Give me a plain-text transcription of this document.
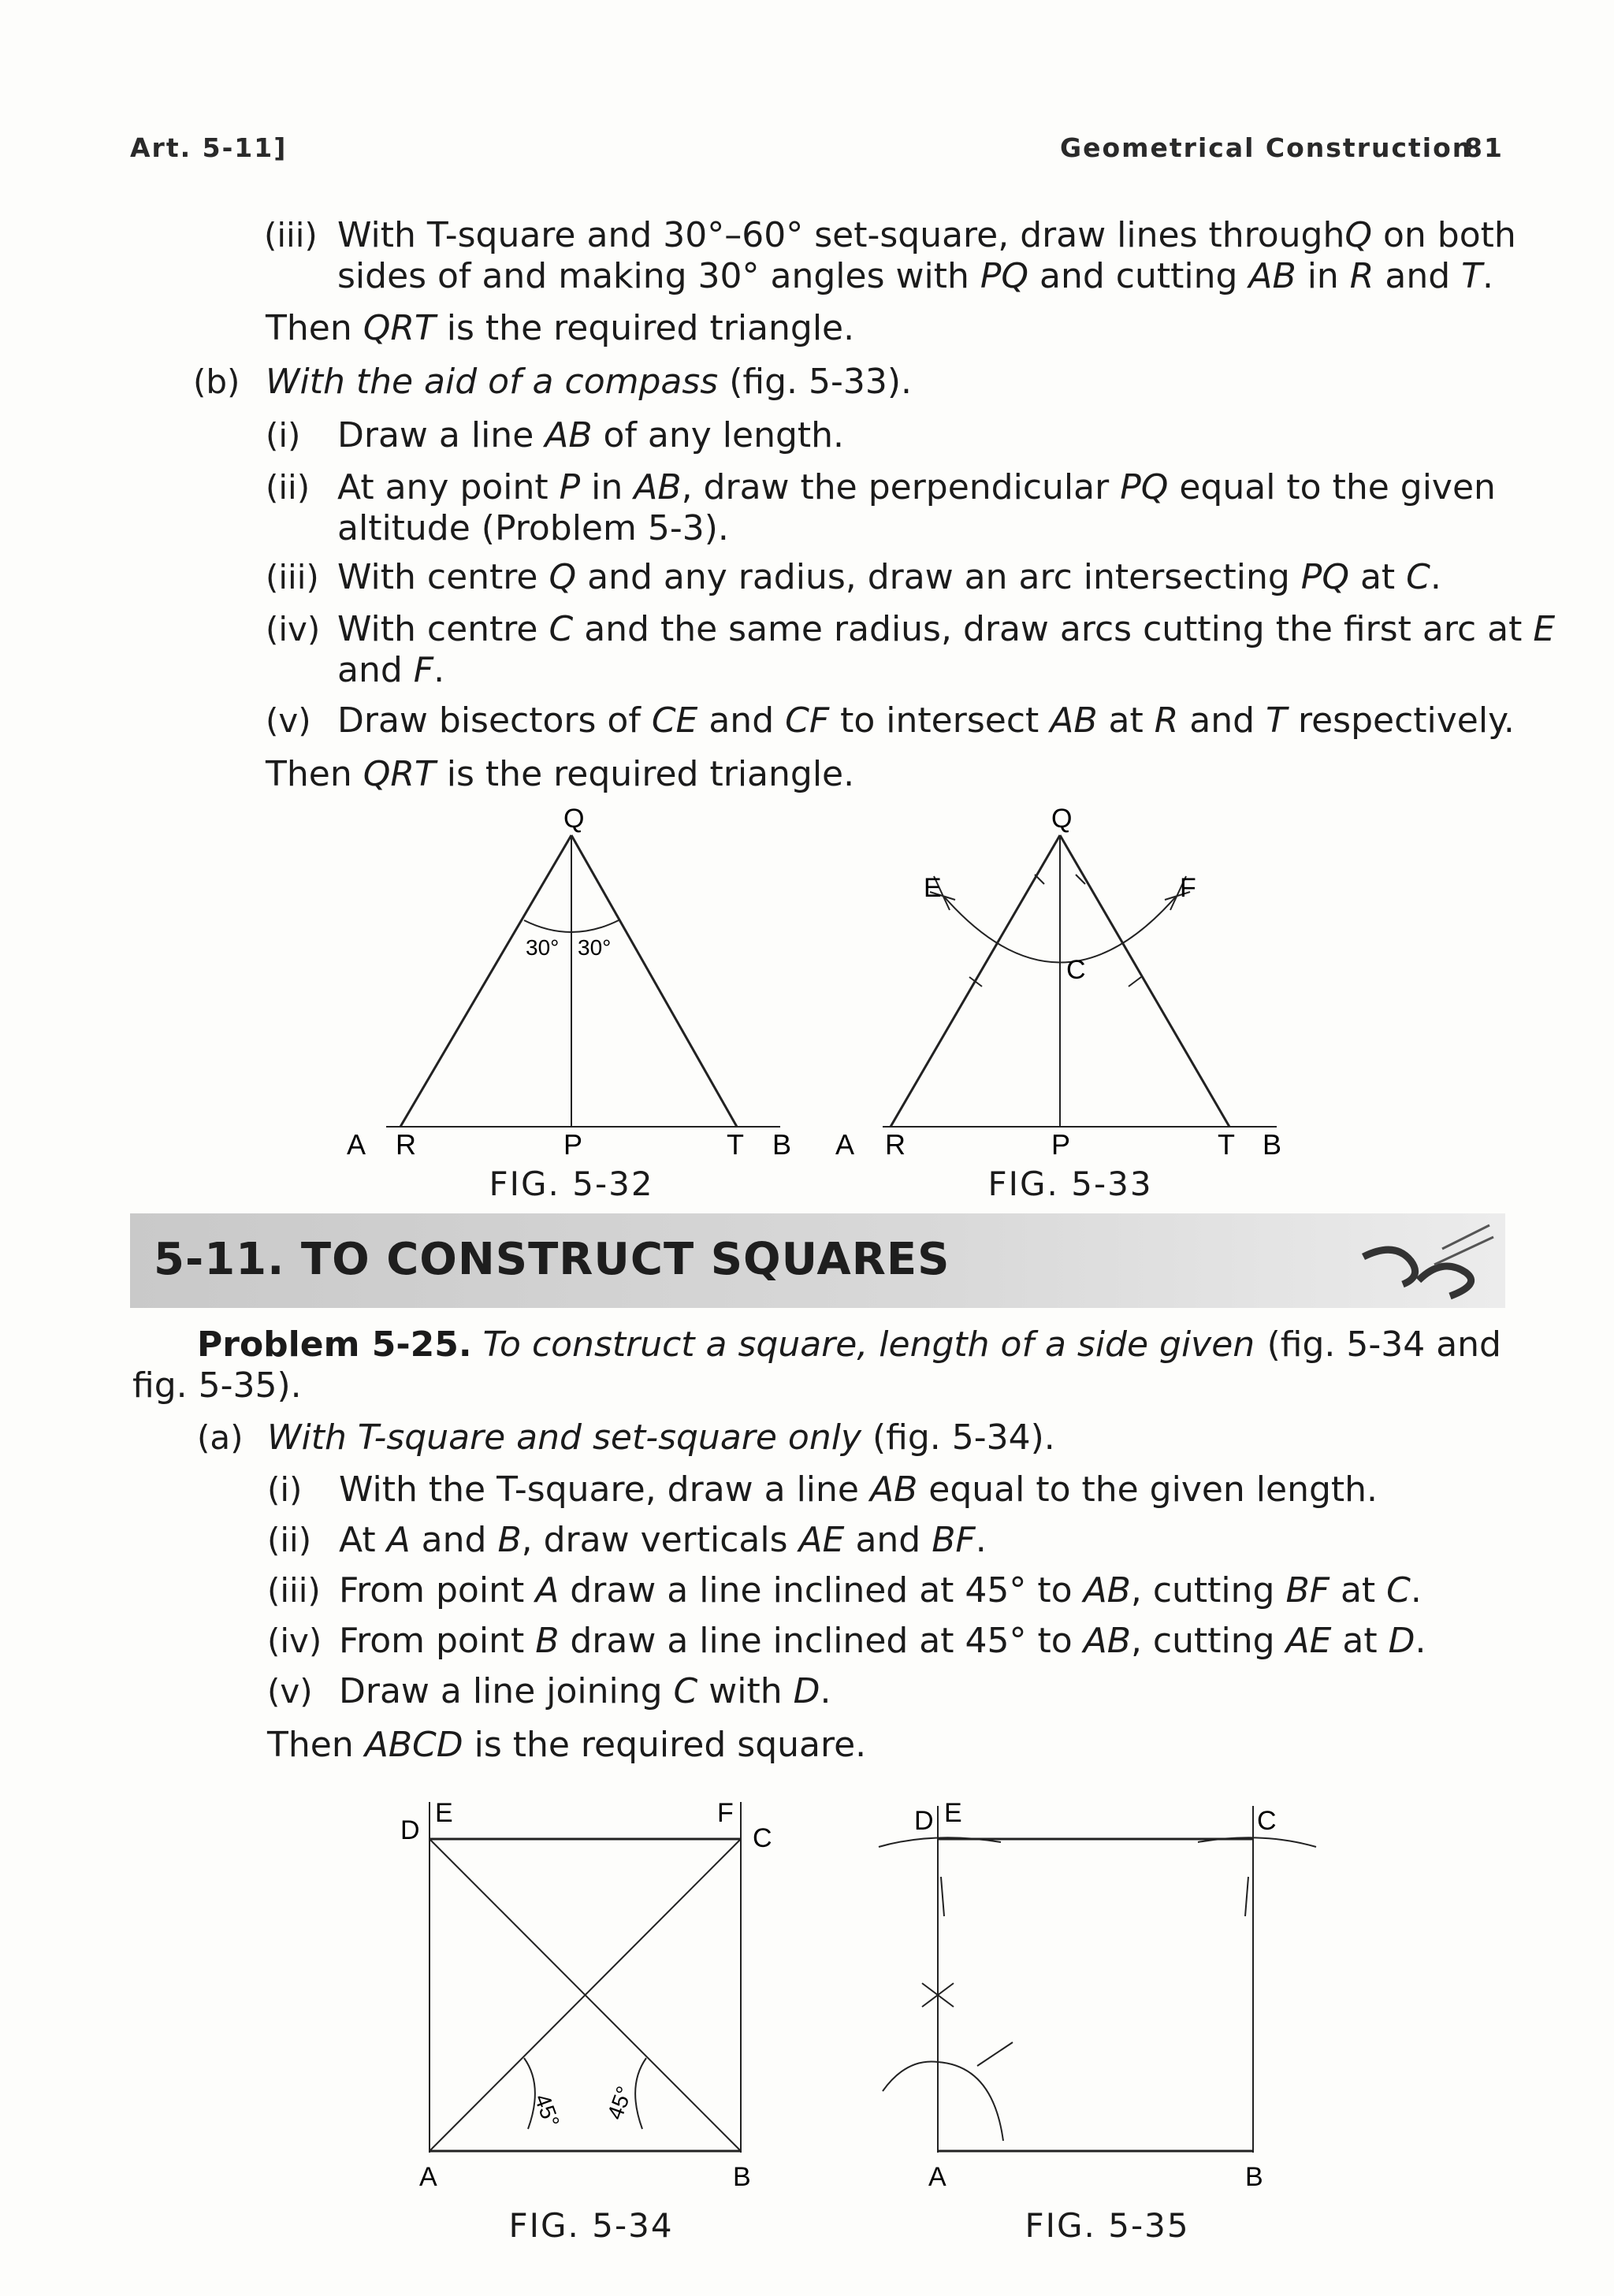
Art. 5-11]	Geometrical Construction
81
(iii) With T-square and 30°–60° set-square, draw lines through Q on both
sides of and making 30° angles with PQ and cutting AB in R and T.
Then QRT is the required triangle.
(b) With the aid of a compass (fig. 5-33).
(i) Draw a line AB of any length.
(ii) At any point P in AB, draw the perpendicular PQ equal to the given
altitude (Problem 5-3).
(iii) With centre Q and any radius, draw an arc intersecting PQ at C.
(iv) With centre C and the same radius, draw arcs cutting the first arc at E
and F.
(v) Draw bisectors of CE and CF to intersect AB at R and T respectively.
Then QRT is the required triangle.
Q
A R	P	T B
30° 30°
FIG. 5-32
Q
E	F
C
A R	P	T B
FIG. 5-33
5-11. TO CONSTRUCT SQUARES
Problem 5-25. To construct a square, length of a side given (fig. 5-34 and
fig. 5-35).
(a) With T-square and set-square only (fig. 5-34).
(i) With the T-square, draw a line AB equal to the given length.
(ii) At A and B, draw verticals AE and BF.
(iii) From point A draw a line inclined at 45° to AB, cutting BF at C.
(iv) From point B draw a line inclined at 45° to AB, cutting AE at D.
(v) Draw a line joining C with D.
Then ABCD is the required square.
D
E	F
C
A	B
45° 45°
FIG. 5-34
D E	C
A	B
FIG. 5-35
